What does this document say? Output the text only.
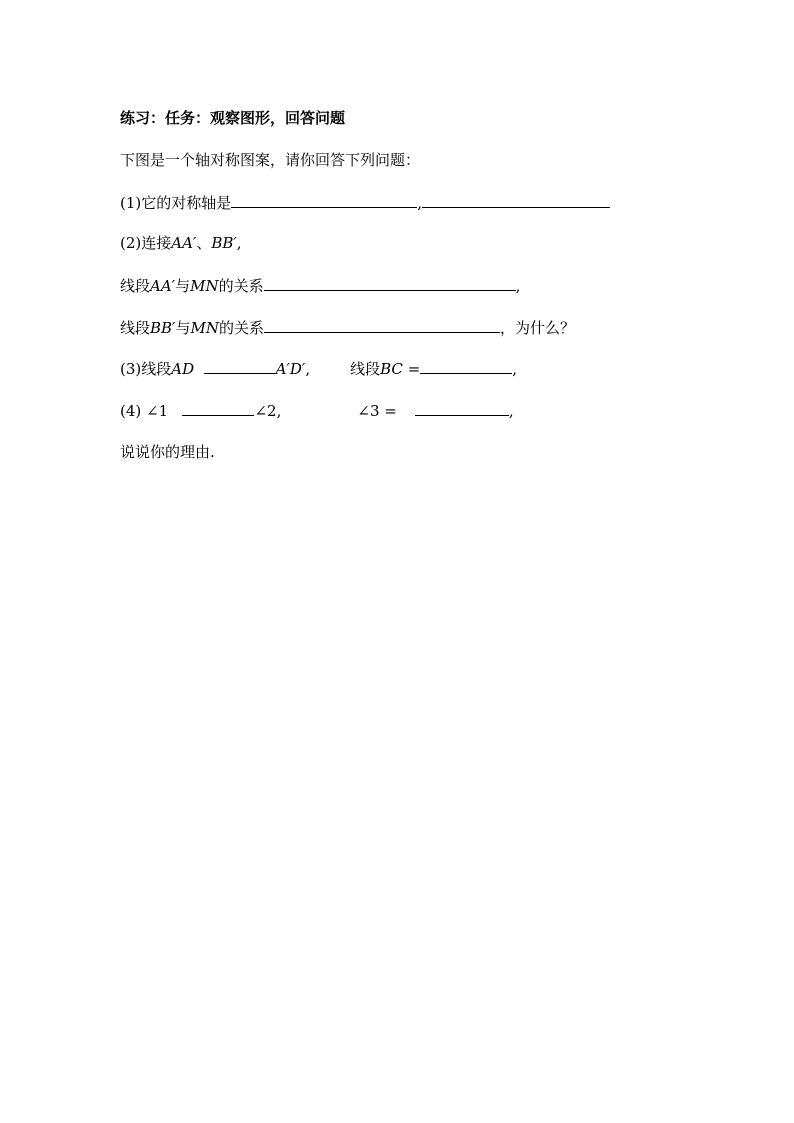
练习：任务：观察图形，回答问题
下图是一个轴对称图案，请你回答下列问题：
(1)它的对称轴是	,
(2)连接AA′、BB′,
线段AA′与MN的关系	,
线段BB′与MN的关系	，为什么？
(3)线段AD	A′D′,	线段BC =	,
(4) ∠1	∠2,	∠3 =	,
说说你的理由.
